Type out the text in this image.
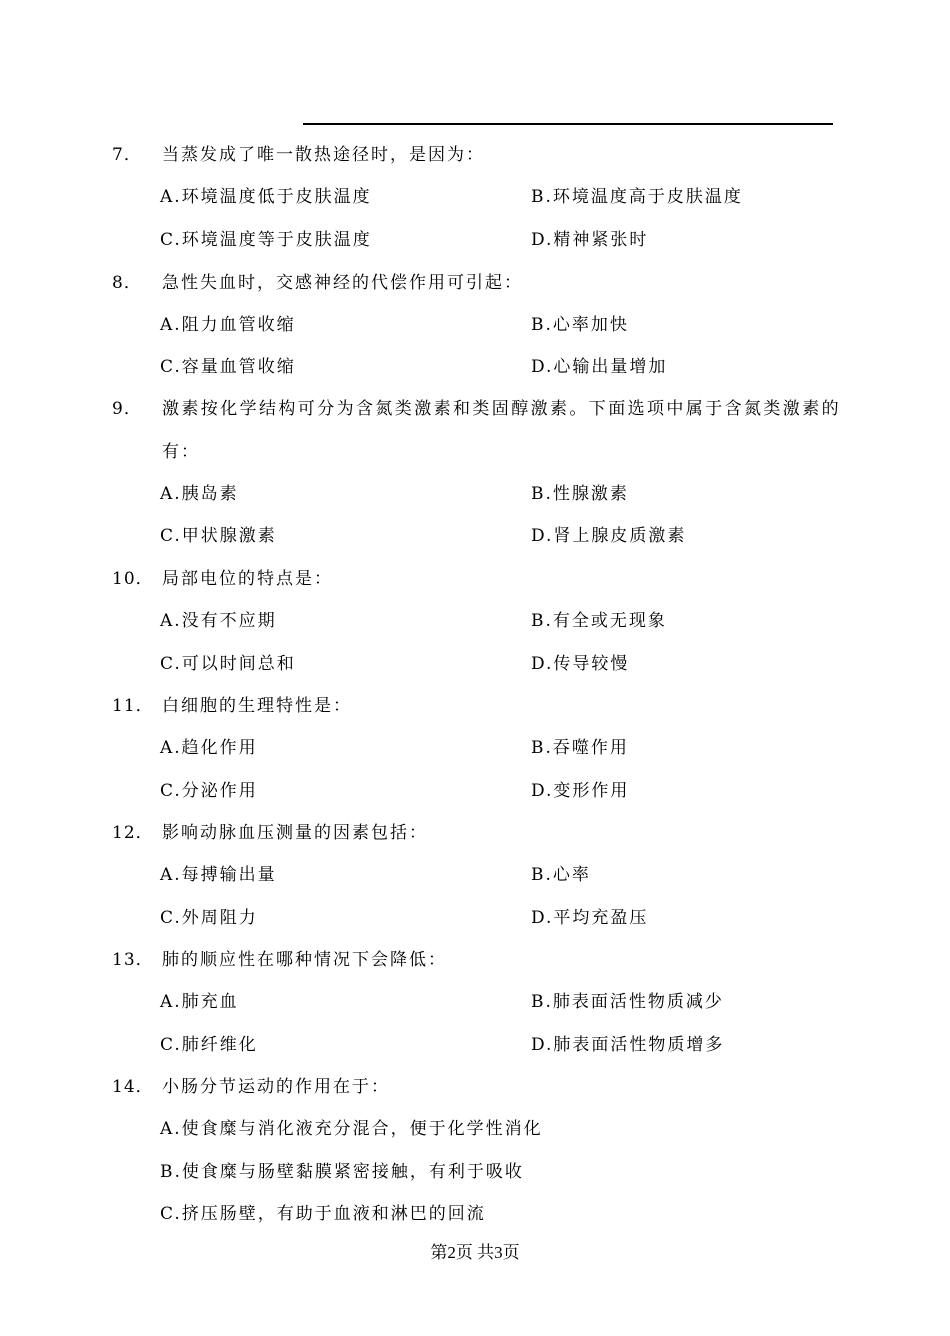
7． 当蒸发成了唯一散热途径时，是因为：
A.环境温度低于皮肤温度	B.环境温度高于皮肤温度
C.环境温度等于皮肤温度	D.精神紧张时
8． 急性失血时，交感神经的代偿作用可引起：
A.阻力血管收缩	B.心率加快
C.容量血管收缩	D.心输出量增加
9． 激素按化学结构可分为含氮类激素和类固醇激素。下面选项中属于含氮类激素的
有：
A.胰岛素	B.性腺激素
C.甲状腺激素	D.肾上腺皮质激素
10． 局部电位的特点是：
A.没有不应期	B.有全或无现象
C.可以时间总和	D.传导较慢
11． 白细胞的生理特性是：
A.趋化作用	B.吞噬作用
C.分泌作用	D.变形作用
12． 影响动脉血压测量的因素包括：
A.每搏输出量	B.心率
C.外周阻力	D.平均充盈压
13． 肺的顺应性在哪种情况下会降低：
A.肺充血	B.肺表面活性物质减少
C.肺纤维化	D.肺表面活性物质增多
14． 小肠分节运动的作用在于：
A.使食糜与消化液充分混合，便于化学性消化
B.使食糜与肠壁黏膜紧密接触，有利于吸收
C.挤压肠壁，有助于血液和淋巴的回流
第2页 共3页
